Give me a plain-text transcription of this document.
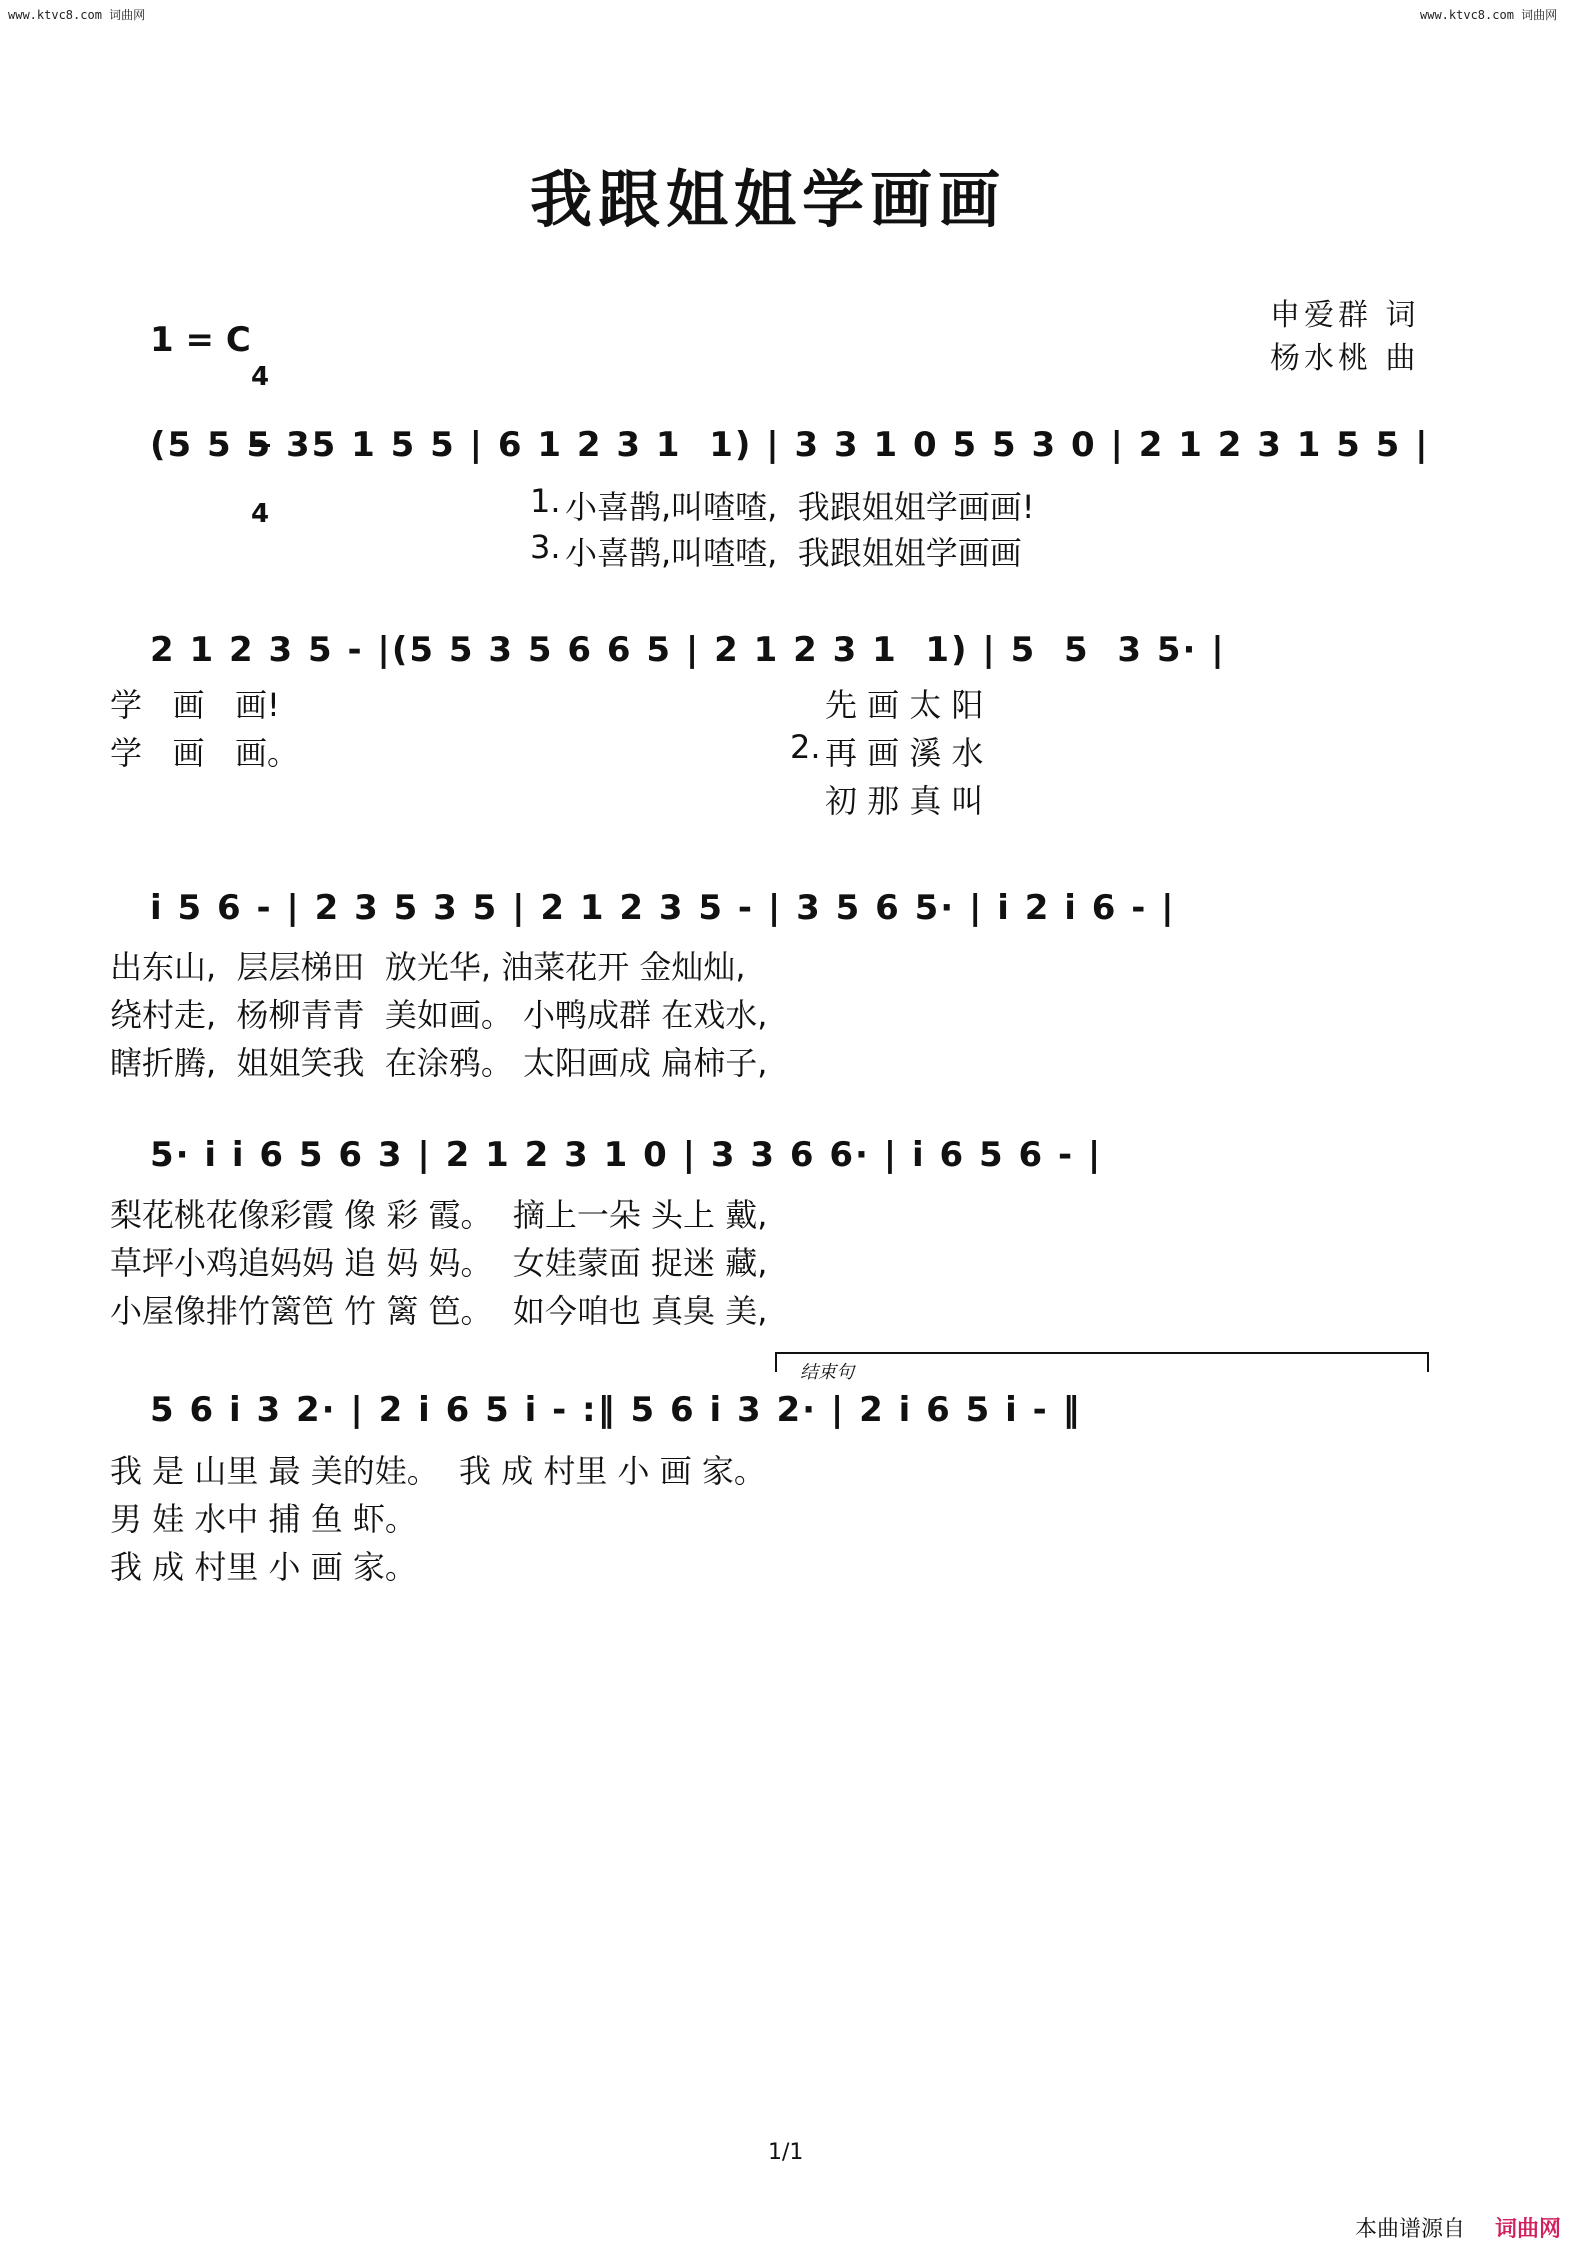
www.ktvc8.com 词曲网	www.ktvc8.com 词曲网
我跟姐姐学画画
申爱群 词
杨水桃 曲
1 = C

4

4

(5 5 5 35 1 5 5 | 6 1 2 3 1  1) | 3 3 1 0 5 5 3 0 | 2 1 2 3 1 5 5 |

1.

小喜鹊,叫喳喳,  我跟姐姐学画画!

3.

小喜鹊,叫喳喳,  我跟姐姐学画画

2 1 2 3 5 - |(5 5 3 5 6 6 5 | 2 1 2 3 1  1) | 5  5  3 5· |

学   画   画!

	先 画 太 阳

学   画   画。

	2.

再 画 溪 水

初 那 真 叫

i 5 6 - | 2 3 5 3 5 | 2 1 2 3 5 - | 3 5 6 5· | i 2 i 6 - |

出东山,  层层梯田  放光华, 油菜花开 金灿灿,

绕村走,  杨柳青青  美如画。 小鸭成群 在戏水,

瞎折腾,  姐姐笑我  在涂鸦。 太阳画成 扁柿子,

5· i i 6 5 6 3 | 2 1 2 3 1 0 | 3 3 6 6· | i 6 5 6 - |

梨花桃花像彩霞 像 彩 霞。  摘上一朵 头上 戴,

草坪小鸡追妈妈 追 妈 妈。  女娃蒙面 捉迷 藏,

小屋像排竹篱笆 竹 篱 笆。  如今咱也 真臭 美,

结束句
5 6 i 3 2· | 2 i 6 5 i - :‖ 5 6 i 3 2· | 2 i 6 5 i - ‖

我 是 山里 最 美的娃。  我 成 村里 小 画 家。

男 娃 水中 捕 鱼 虾。

我 成 村里 小 画 家。

1/1
本曲谱源自 词曲网
